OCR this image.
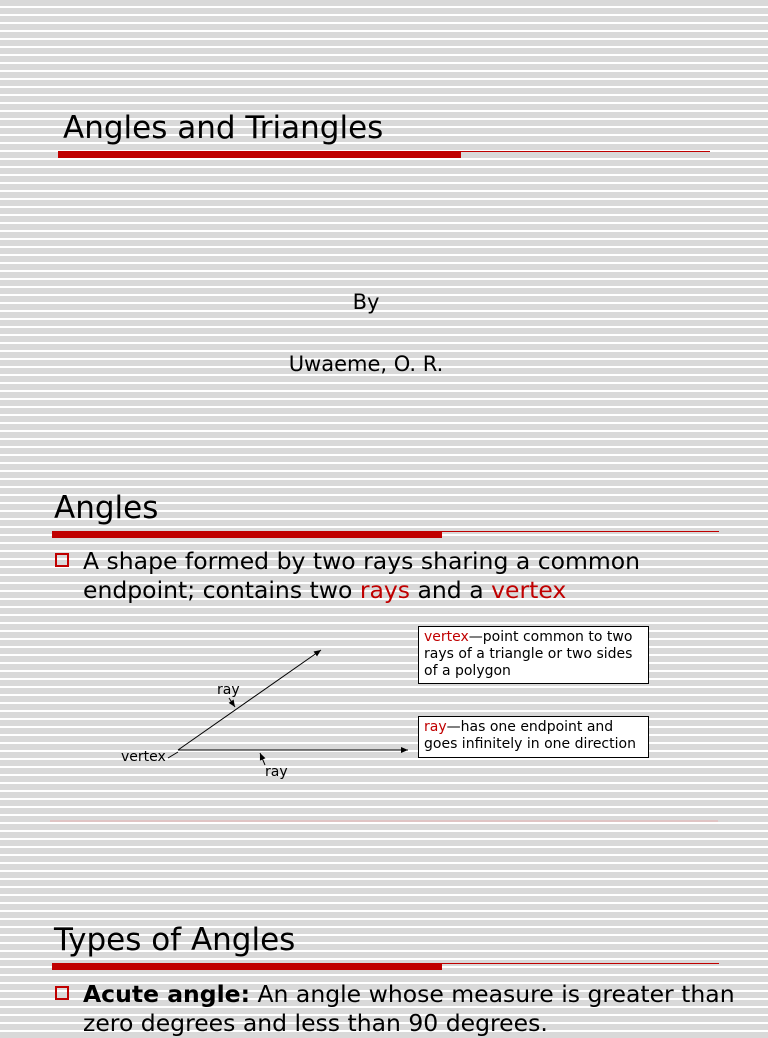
Angles and Triangles
By
Uwaeme, O. R.
Angles
A shape formed by two rays sharing a common endpoint; contains two rays and a vertex
vertex
ray
ray
vertex—point common to two rays of a triangle or two sides of a polygon
ray—has one endpoint and goes infinitely in one direction
Types of Angles
Acute angle: An angle whose measure is greater than zero degrees and less than 90 degrees.
